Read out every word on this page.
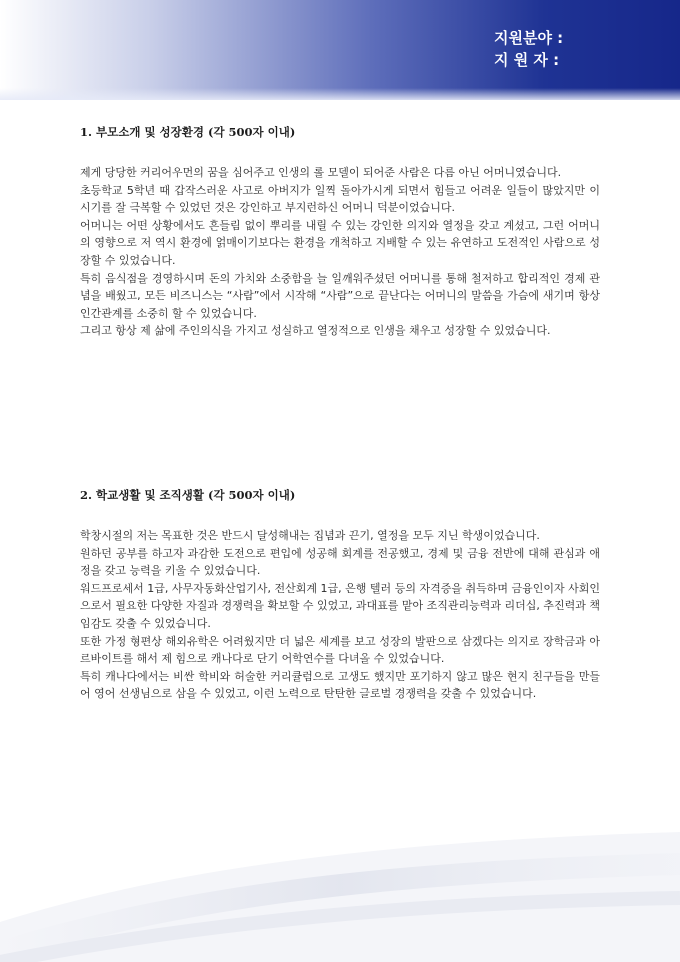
지원분야 :
지 원 자 :
1. 부모소개 및 성장환경 (각 500자 이내)

제게 당당한 커리어우먼의 꿈을 심어주고 인생의 롤 모델이 되어준 사람은 다름 아닌 어머니였습니다.

초등학교 5학년 때 갑작스러운 사고로 아버지가 일찍 돌아가시게 되면서 힘들고 어려운 일들이 많았지만 이 시기를 잘 극복할 수 있었던 것은 강인하고 부지런하신 어머니 덕분이었습니다.

어머니는 어떤 상황에서도 흔들림 없이 뿌리를 내릴 수 있는 강인한 의지와 열정을 갖고 계셨고, 그런 어머니의 영향으로 저 역시 환경에 얽매이기보다는 환경을 개척하고 지배할 수 있는 유연하고 도전적인 사람으로 성장할 수 있었습니다.

특히 음식점을 경영하시며 돈의 가치와 소중함을 늘 일깨워주셨던 어머니를 통해 철저하고 합리적인 경제 관념을 배웠고, 모든 비즈니스는 “사람”에서 시작해 “사람”으로 끝난다는 어머니의 말씀을 가슴에 새기며 항상 인간관계를 소중히 할 수 있었습니다.

그리고 항상 제 삶에 주인의식을 가지고 성실하고 열정적으로 인생을 채우고 성장할 수 있었습니다.

2. 학교생활 및 조직생활 (각 500자 이내)

학창시절의 저는 목표한 것은 반드시 달성해내는 집념과 끈기, 열정을 모두 지닌 학생이었습니다.

원하던 공부를 하고자 과감한 도전으로 편입에 성공해 회계를 전공했고, 경제 및 금융 전반에 대해 관심과 애정을 갖고 능력을 키울 수 있었습니다.

워드프로세서 1급, 사무자동화산업기사, 전산회계 1급, 은행 텔러 등의 자격증을 취득하며 금융인이자 사회인으로서 필요한 다양한 자질과 경쟁력을 확보할 수 있었고, 과대표를 맡아 조직관리능력과 리더십, 추진력과 책임감도 갖출 수 있었습니다.

또한 가정 형편상 해외유학은 어려웠지만 더 넓은 세계를 보고 성장의 발판으로 삼겠다는 의지로 장학금과 아르바이트를 해서 제 힘으로 캐나다로 단기 어학연수를 다녀올 수 있었습니다.

특히 캐나다에서는 비싼 학비와 허술한 커리큘럼으로 고생도 했지만 포기하지 않고 많은 현지 친구들을 만들어 영어 선생님으로 삼을 수 있었고, 이런 노력으로 탄탄한 글로벌 경쟁력을 갖출 수 있었습니다.
